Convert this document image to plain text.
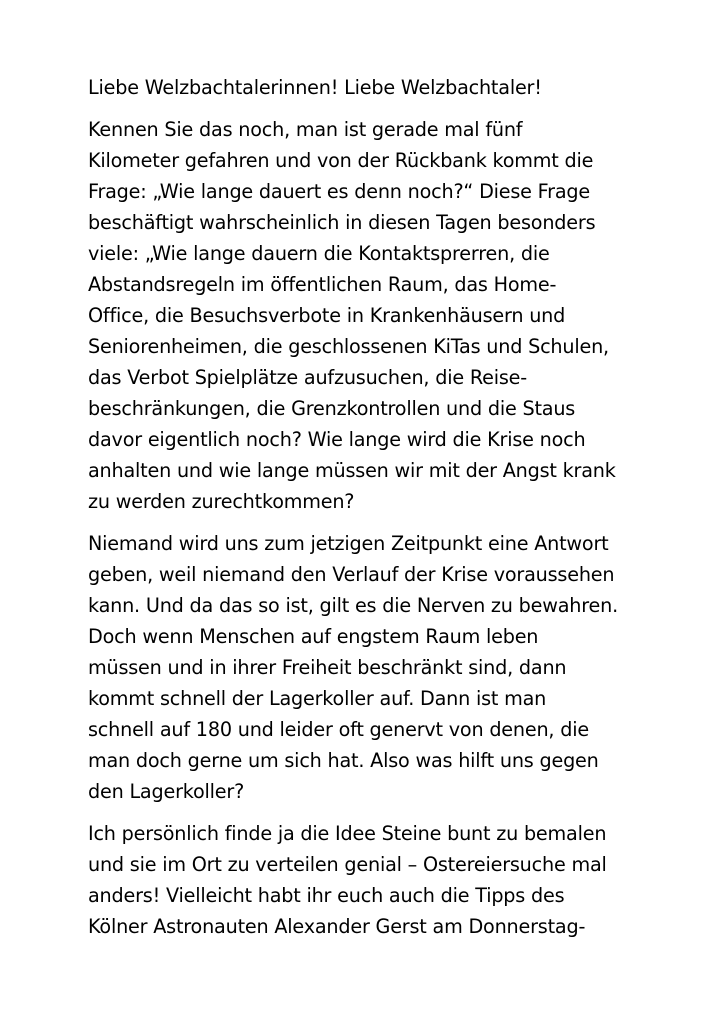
Liebe Welzbachtalerinnen! Liebe Welzbachtaler!
Kennen Sie das noch, man ist gerade mal fünf
Kilometer gefahren und von der Rückbank kommt die
Frage: „Wie lange dauert es denn noch?“ Diese Frage
beschäftigt wahrscheinlich in diesen Tagen besonders
viele: „Wie lange dauern die Kontaktsprerren, die
Abstandsregeln im öffentlichen Raum, das Home-
Office, die Besuchsverbote in Krankenhäusern und
Seniorenheimen, die geschlossenen KiTas und Schulen,
das Verbot Spielplätze aufzusuchen, die Reise-
beschränkungen, die Grenzkontrollen und die Staus
davor eigentlich noch? Wie lange wird die Krise noch
anhalten und wie lange müssen wir mit der Angst krank
zu werden zurechtkommen?
Niemand wird uns zum jetzigen Zeitpunkt eine Antwort
geben, weil niemand den Verlauf der Krise voraussehen
kann. Und da das so ist, gilt es die Nerven zu bewahren.
Doch wenn Menschen auf engstem Raum leben
müssen und in ihrer Freiheit beschränkt sind, dann
kommt schnell der Lagerkoller auf. Dann ist man
schnell auf 180 und leider oft genervt von denen, die
man doch gerne um sich hat. Also was hilft uns gegen
den Lagerkoller?
Ich persönlich finde ja die Idee Steine bunt zu bemalen
und sie im Ort zu verteilen genial – Ostereiersuche mal
anders! Vielleicht habt ihr euch auch die Tipps des
Kölner Astronauten Alexander Gerst am Donnerstag-
